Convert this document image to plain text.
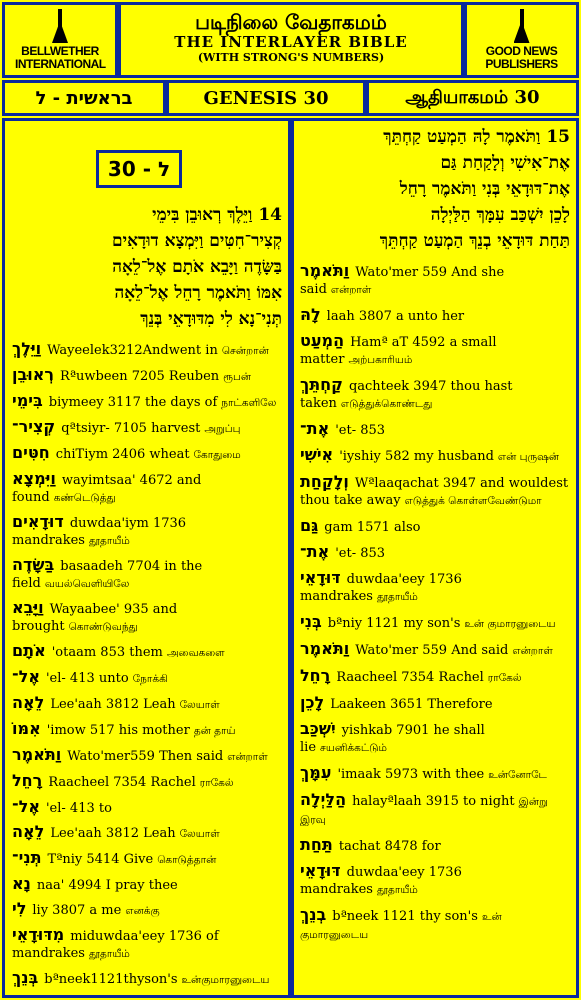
BELLWETHER INTERNATIONAL
படிநிலை வேதாகமம்
THE INTERLAYER BIBLE
(WITH STRONG'S NUMBERS)	GOOD NEWS PUBLISHERS
בראשית - ל	GENESIS 30	ஆதியாகமம் 30
ל - 30
14 וַיֵּלֶךְ רְאוּבֵן בִּימֵי
קְצִיר־חִטִּים וַיִּמְצָא דוּדָאִים
בַּשָּׂדֶה וַיָּבֵא אֹתָם אֶל־לֵאָה
אִמּוֹ וַתֹּאמֶר רָחֵל אֶל־לֵאָה
תְּנִי־נָא לִי מִדּוּדָאֵי בְּנֵךְ
15 וַתֹּאמֶר לָהּ הַמְעַט קַחְתֵּךְ
אֶת־אִישִׁי וְלָקַחַת גַּם
אֶת־דּוּדָאֵי בְּנִי וַתֹּאמֶר רָחֵל
לָכֵן יִשְׁכַּב עִמָּךְ הַלַּיְלָה
תַּחַת דּוּדָאֵי בְנֵךְ הַמְעַט קַחְתֵּךְ
וַיֵּלֶךְ Wayeelek3212Andwent in சென்றான்
רְאוּבֵן Rªuwbeen 7205 Reuben ரூபன்
בִּימֵי biymeey 3117 the days of நாட்களிலே
קְצִיר־ qªtsiyr- 7105 harvest அறுப்பு
חִטִּים chiTiym 2406 wheat கோதுமை
וַיִּמְצָא wayimtsaa' 4672 and found கண்டெடுத்து
דוּדָאִים duwdaa'iym 1736 mandrakes தூதாயீம்
בַּשָּׂדֶה basaadeh 7704 in the field வயல்வெளியிலே
וַיָּבֵא Wayaabee' 935 and brought கொண்டுவந்து
אֹתָם 'otaam 853 them அவைகளை
אֶל־ 'el- 413 unto நோக்கி
לֵאָה Lee'aah 3812 Leah லேயாள்
אִמּוֹ 'imow 517 his mother தன் தாய்
וַתֹּאמֶר Wato'mer559 Then said என்றாள்
רָחֵל Raacheel 7354 Rachel ராகேல்
אֶל־ 'el- 413 to
לֵאָה Lee'aah 3812 Leah லேயாள்
תְּנִי־ Tªniy 5414 Give கொடுத்தான்
נָא naa' 4994 I pray thee
לִי liy 3807 a me எனக்கு
מִדּוּדָאֵי miduwdaa'eey 1736 of mandrakes தூதாயீம்
בְּנֵךְ bªneek1121thyson's உன்குமாரனுடைய
וַתֹּאמֶר Wato'mer 559 And she said என்றாள்
לָהּ laah 3807 a unto her
הַמְעַט Hamª aT 4592 a small matter அற்பகாரியம்
קַחְתֵּךְ qachteek 3947 thou hast taken எடுத்துக்கொண்டது
אֶת־ 'et- 853
אִישִׁי 'iyshiy 582 my husband என் புருஷன்
וְלָקַחַת Wªlaaqachat 3947 and wouldest thou take away எடுத்துக் கொள்ளவேண்டுமா
גַּם gam 1571 also
אֶת־ 'et- 853
דּוּדָאֵי duwdaa'eey 1736 mandrakes தூதாயீம்
בְּנִי bªniy 1121 my son's உன் குமாரனுடைய
וַתֹּאמֶר Wato'mer 559 And said என்றாள்
רָחֵל Raacheel 7354 Rachel ராகேல்
לָכֵן Laakeen 3651 Therefore
יִשְׁכַּב yishkab 7901 he shall lie சயனிக்கட்டும்
עִמָּךְ 'imaak 5973 with thee உன்னோடே
הַלַּיְלָה halayªlaah 3915 to night இன்று இரவு
תַּחַת tachat 8478 for
דּוּדָאֵי duwdaa'eey 1736 mandrakes தூதாயீம்
בְנֵךְ bªneek 1121 thy son's உன் குமாரனுடைய
